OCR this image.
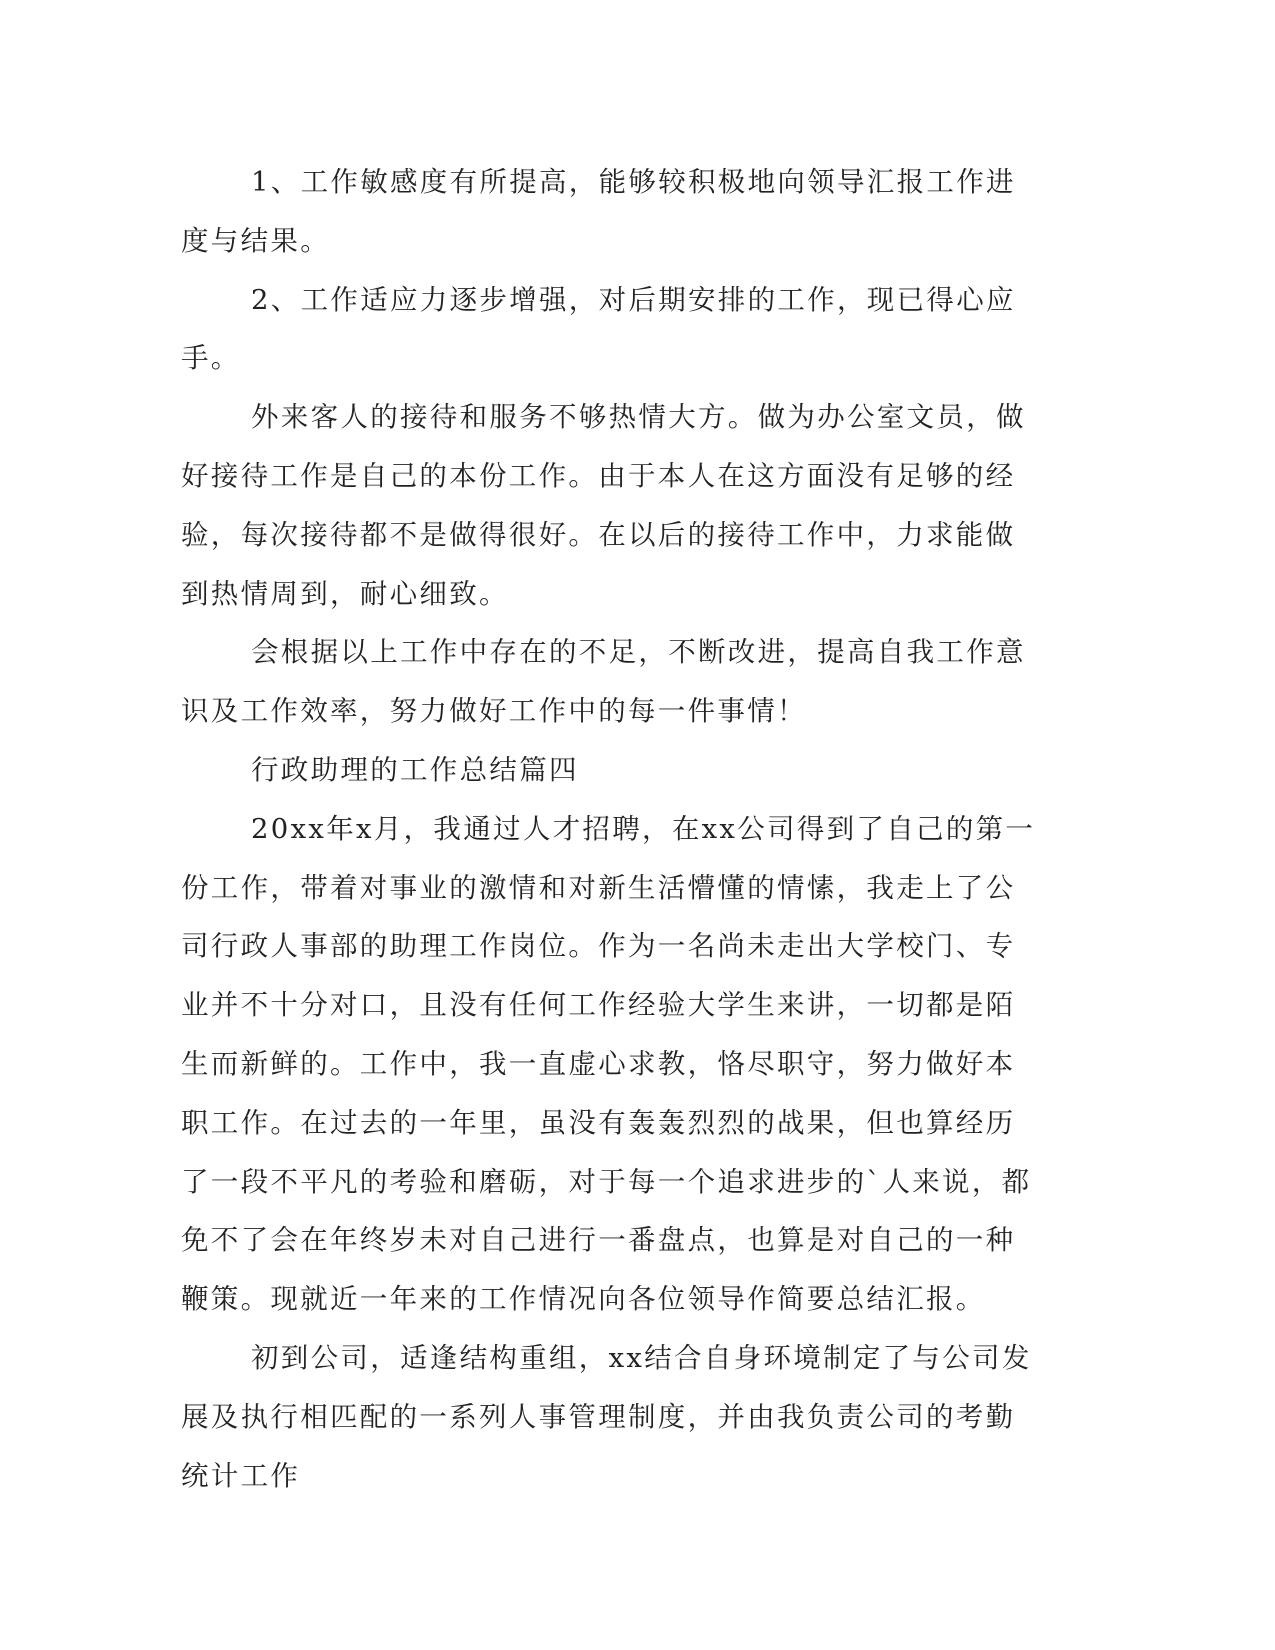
1、工作敏感度有所提高，能够较积极地向领导汇报工作进度与结果。

2、工作适应力逐步增强，对后期安排的工作，现已得心应手。

外来客人的接待和服务不够热情大方。做为办公室文员，做好接待工作是自己的本份工作。由于本人在这方面没有足够的经验，每次接待都不是做得很好。在以后的接待工作中，力求能做到热情周到，耐心细致。

会根据以上工作中存在的不足，不断改进，提高自我工作意识及工作效率，努力做好工作中的每一件事情！

行政助理的工作总结篇四

20xx年x月，我通过人才招聘，在xx公司得到了自己的第一份工作，带着对事业的激情和对新生活懵懂的情愫，我走上了公司行政人事部的助理工作岗位。作为一名尚未走出大学校门、专业并不十分对口，且没有任何工作经验大学生来讲，一切都是陌生而新鲜的。工作中，我一直虚心求教，恪尽职守，努力做好本职工作。在过去的一年里，虽没有轰轰烈烈的战果，但也算经历了一段不平凡的考验和磨砺，对于每一个追求进步的`人来说，都免不了会在年终岁未对自己进行一番盘点，也算是对自己的一种鞭策。现就近一年来的工作情况向各位领导作简要总结汇报。

初到公司，适逢结构重组，xx结合自身环境制定了与公司发展及执行相匹配的一系列人事管理制度，并由我负责公司的考勤统计工作
